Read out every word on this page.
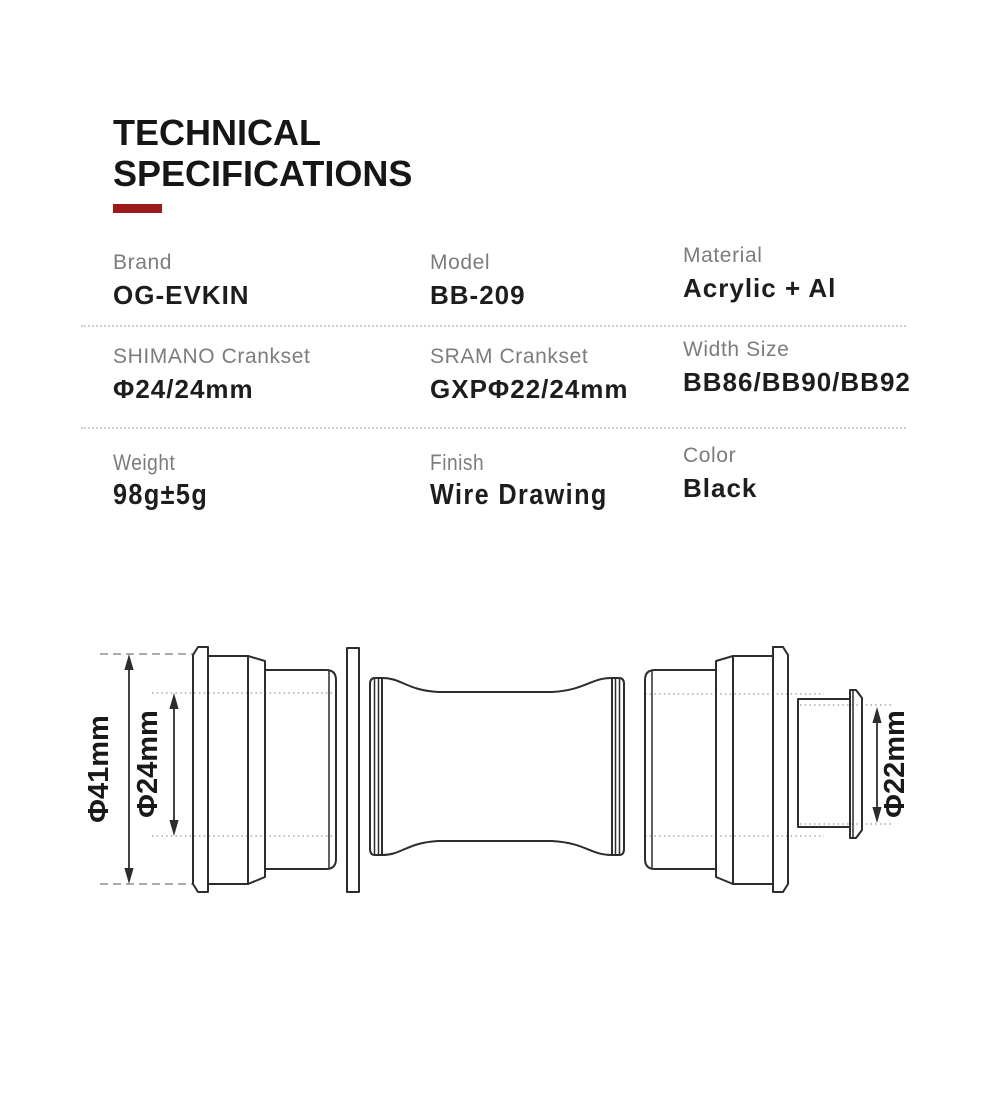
TECHNICAL
SPECIFICATIONS
Brand
OG-EVKIN
Model
BB-209
Material
Acrylic + Al
SHIMANO Crankset
Φ24/24mm
SRAM Crankset
GXPΦ22/24mm
Width Size
BB86/BB90/BB92
Weight
98g±5g
Finish
Wire Drawing
Color
Black
Φ41mm Φ24mm	Φ22mm
